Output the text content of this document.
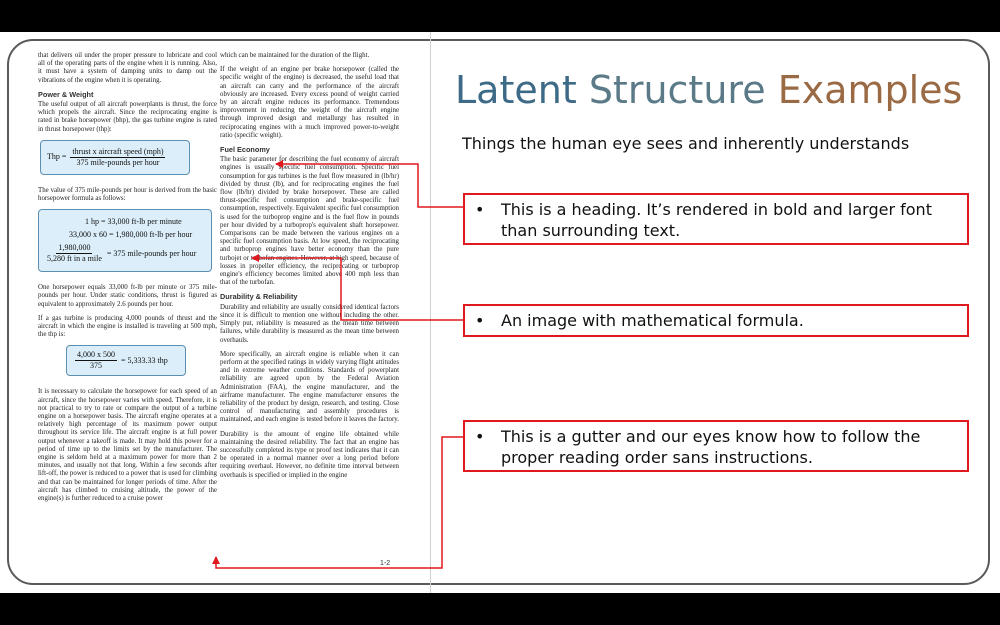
that delivers oil under the proper pressure to lubricate and cool all of the operating parts of the engine when it is running. Also, it must have a system of damping units to damp out the vibrations of the engine when it is operating.

Power & Weight

The useful output of all aircraft powerplants is thrust, the force which propels the aircraft. Since the reciprocating engine is rated in brake horsepower (bhp), the gas turbine engine is rated in thrust horsepower (thp):

Thp = $\frac{\text{thrust x aircraft speed (mph)}}{\text{375 mile-pounds per hour}}$

The value of 375 mile-pounds per hour is derived from the basic horsepower formula as follows:

1 hp = 33,000 ft-lb per minute
33,000 x 60 = 1,980,000 ft-lb per hour
$\frac{1,980,000}{\text{5,280 ft in a mile}} = 375$ mile-pounds per hour

One horsepower equals 33,000 ft-lb per minute or 375 mile-pounds per hour. Under static conditions, thrust is figured as equivalent to approximately 2.6 pounds per hour.

If a gas turbine is producing 4,000 pounds of thrust and the aircraft in which the engine is installed is traveling at 500 mph, the thp is:

$\frac{4,000 x 500}{375} = 5,333.33$ thp

It is necessary to calculate the horsepower for each speed of an aircraft, since the horsepower varies with speed. Therefore, it is not practical to try to rate or compare the output of a turbine engine on a horsepower basis. The aircraft engine operates at a relatively high percentage of its maximum power output throughout its service life. The aircraft engine is at full power output whenever a takeoff is made. It may hold this power for a period of time up to the limits set by the manufacturer. The engine is seldom held at a maximum power for more than 2 minutes, and usually not that long. Within a few seconds after lift-off, the power is reduced to a power that is used for climbing and that can be maintained for longer periods of time. After the aircraft has climbed to cruising altitude, the power of the engine(s) is further reduced to a cruise power

which can be maintained for the duration of the flight.

If the weight of an engine per brake horsepower (called the specific weight of the engine) is decreased, the useful load that an aircraft can carry and the performance of the aircraft obviously are increased. Every excess pound of weight carried by an aircraft engine reduces its performance. Tremendous improvement in reducing the weight of the aircraft engine through improved design and metallurgy has resulted in reciprocating engines with a much improved power-to-weight ratio (specific weight).

Fuel Economy

The basic parameter for describing the fuel economy of aircraft engines is usually specific fuel consumption. Specific fuel consumption for gas turbines is the fuel flow measured in (lb/hr) divided by thrust (lb), and for reciprocating engines the fuel flow (lb/hr) divided by brake horsepower. These are called thrust-specific fuel consumption and brake-specific fuel consumption, respectively. Equivalent specific fuel consumption is used for the turboprop engine and is the fuel flow in pounds per hour divided by a turboprop's equivalent shaft horsepower. Comparisons can be made between the various engines on a specific fuel consumption basis. At low speed, the reciprocating and turboprop engines have better economy than the pure turbojet or turbofan engines. However, at high speed, because of losses in propeller efficiency, the reciprocating or turboprop engine's efficiency becomes limited above 400 mph less than that of the turbofan.

Durability & Reliability

Durability and reliability are usually considered identical factors since it is difficult to mention one without including the other. Simply put, reliability is measured as the mean time between failures, while durability is measured as the mean time between overhauls.

More specifically, an aircraft engine is reliable when it can perform at the specified ratings in widely varying flight attitudes and in extreme weather conditions. Standards of powerplant reliability are agreed upon by the Federal Aviation Administration (FAA), the engine manufacturer, and the airframe manufacturer. The engine manufacturer ensures the reliability of the product by design, research, and testing. Close control of manufacturing and assembly procedures is maintained, and each engine is tested before it leaves the factory.

Durability is the amount of engine life obtained while maintaining the desired reliability. The fact that an engine has successfully completed its type or proof test indicates that it can be operated in a normal manner over a long period before requiring overhaul. However, no definite time interval between overhauls is specified or implied in the engine

1-2
Latent Structure Examples
Things the human eye sees and inherently understands
•	This is a heading. It’s rendered in bold and larger font than surrounding text.
•	An image with mathematical formula.
•	This is a gutter and our eyes know how to follow the proper reading order sans instructions.
